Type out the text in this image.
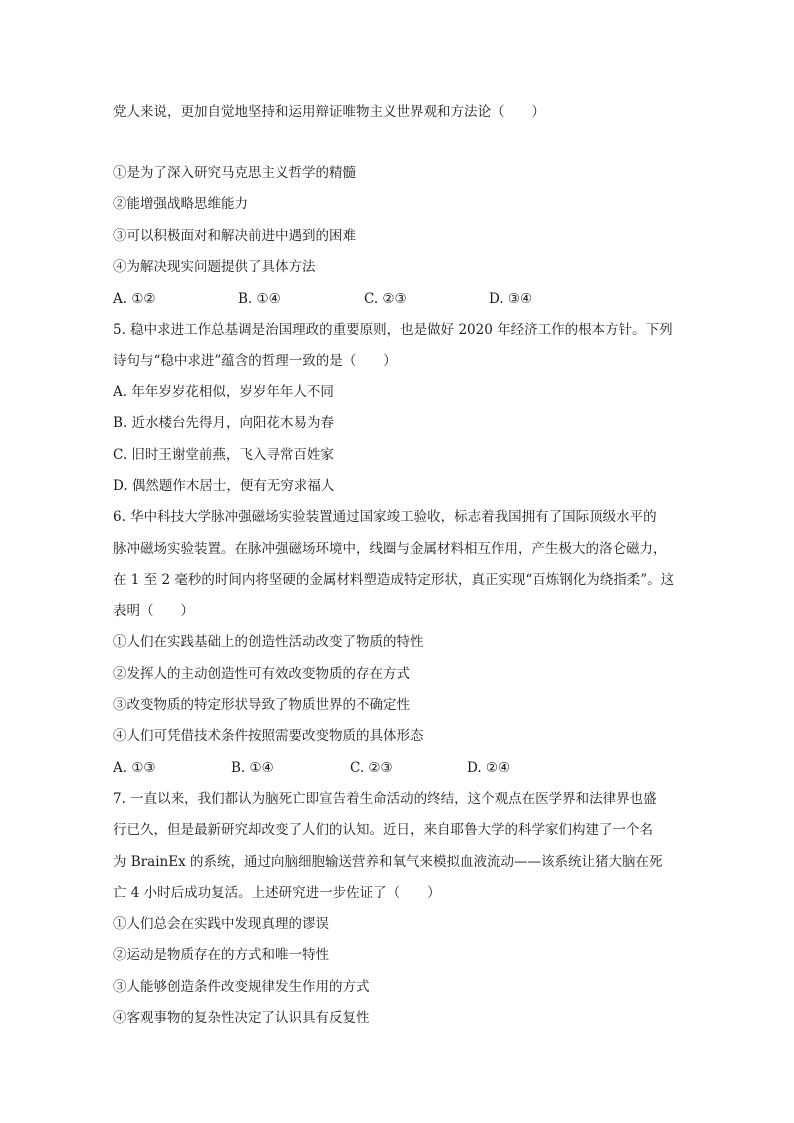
党人来说，更加自觉地坚持和运用辩证唯物主义世界观和方法论（　　）
①是为了深入研究马克思主义哲学的精髓
②能增强战略思维能力
③可以积极面对和解决前进中遇到的困难
④为解决现实问题提供了具体方法
A. ①②	B. ①④	C. ②③	D. ③④
5. 稳中求进工作总基调是治国理政的重要原则，也是做好 2020 年经济工作的根本方针。下列
诗句与“稳中求进”蕴含的哲理一致的是（　　）
A. 年年岁岁花相似，岁岁年年人不同
B. 近水楼台先得月，向阳花木易为春
C. 旧时王谢堂前燕，飞入寻常百姓家
D. 偶然题作木居士，便有无穷求福人
6. 华中科技大学脉冲强磁场实验装置通过国家竣工验收，标志着我国拥有了国际顶级水平的
脉冲磁场实验装置。在脉冲强磁场环境中，线圈与金属材料相互作用，产生极大的洛仑磁力，
在 1 至 2 毫秒的时间内将坚硬的金属材料塑造成特定形状，真正实现“百炼钢化为绕指柔”。这
表明（　　）
①人们在实践基础上的创造性活动改变了物质的特性
②发挥人的主动创造性可有效改变物质的存在方式
③改变物质的特定形状导致了物质世界的不确定性
④人们可凭借技术条件按照需要改变物质的具体形态
A. ①③	B. ①④	C. ②③	D. ②④
7. 一直以来，我们都认为脑死亡即宣告着生命活动的终结，这个观点在医学界和法律界也盛
行已久，但是最新研究却改变了人们的认知。近日，来自耶鲁大学的科学家们构建了一个名
为 BrainEx 的系统，通过向脑细胞输送营养和氧气来模拟血液流动——该系统让猪大脑在死
亡 4 小时后成功复活。上述研究进一步佐证了（　　）
①人们总会在实践中发现真理的谬误
②运动是物质存在的方式和唯一特性
③人能够创造条件改变规律发生作用的方式
④客观事物的复杂性决定了认识具有反复性
